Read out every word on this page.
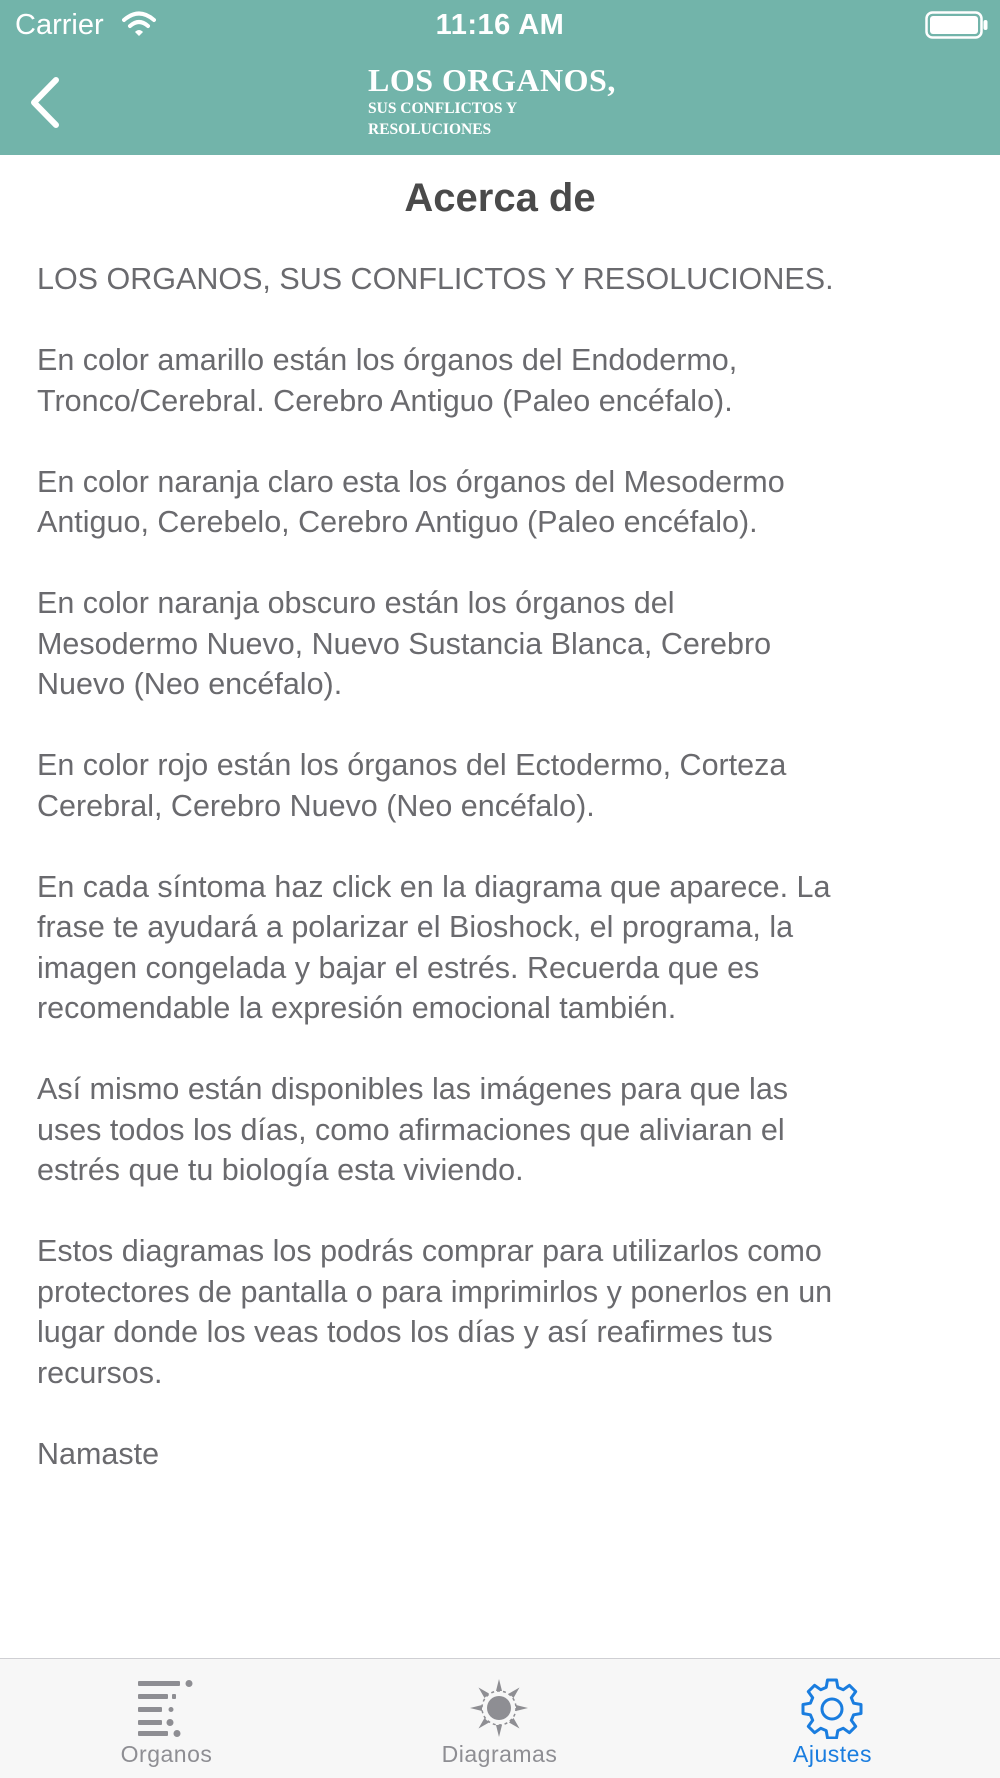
Carrier	11:16 AM
LOS ORGANOS,
SUS CONFLICTOS Y
RESOLUCIONES
Acerca de

LOS ORGANOS, SUS CONFLICTOS Y RESOLUCIONES.

En color amarillo están los órganos del Endodermo,
Tronco/Cerebral. Cerebro Antiguo (Paleo encéfalo).

En color naranja claro esta los órganos del Mesodermo
Antiguo, Cerebelo, Cerebro Antiguo (Paleo encéfalo).

En color naranja obscuro están los órganos del
Mesodermo Nuevo, Nuevo Sustancia Blanca, Cerebro
Nuevo (Neo encéfalo).

En color rojo están los órganos del Ectodermo, Corteza
Cerebral, Cerebro Nuevo (Neo encéfalo).

En cada síntoma haz click en la diagrama que aparece. La
frase te ayudará a polarizar el Bioshock, el programa, la
imagen congelada y bajar el estrés. Recuerda que es
recomendable la expresión emocional también.

Así mismo están disponibles las imágenes para que las
uses todos los días, como afirmaciones que aliviaran el
estrés que tu biología esta viviendo.

Estos diagramas los podrás comprar para utilizarlos como
protectores de pantalla o para imprimirlos y ponerlos en un
lugar donde los veas todos los días y así reafirmes tus
recursos.

Namaste

Organos	Diagramas	Ajustes
